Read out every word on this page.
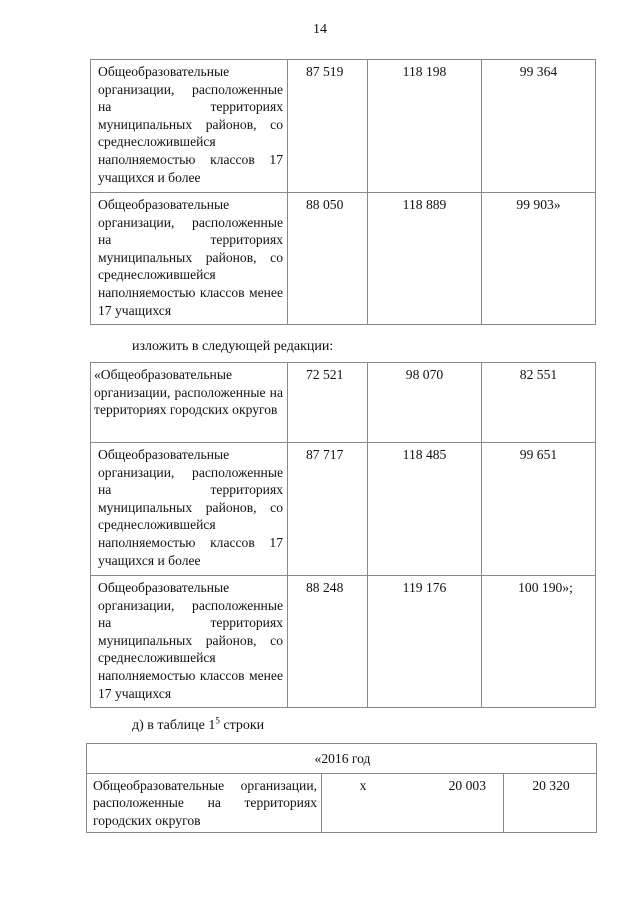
14
Общеобразовательные организации, расположенные на территориях муниципальных районов, со среднесложившейся наполняемостью классов 17 учащихся и более	87 519	118 198	99 364
Общеобразовательные организации, расположенные на территориях муниципальных районов, со среднесложившейся наполняемостью классов менее 17 учащихся	88 050	118 889	99 903»
изложить в следующей редакции:
«Общеобразовательные организации, расположенные на территориях городских округов	72 521	98 070	82 551
Общеобразовательные организации, расположенные на территориях муниципальных районов, со среднесложившейся наполняемостью классов 17 учащихся и более	87 717	118 485	99 651
Общеобразовательные организации, расположенные на территориях муниципальных районов, со среднесложившейся наполняемостью классов менее 17 учащихся	88 248	119 176	100 190»;
д) в таблице $1^5$ строки
«2016 год
Общеобразовательные организации, расположенные на территориях городских округов	х	20 003	20 320
